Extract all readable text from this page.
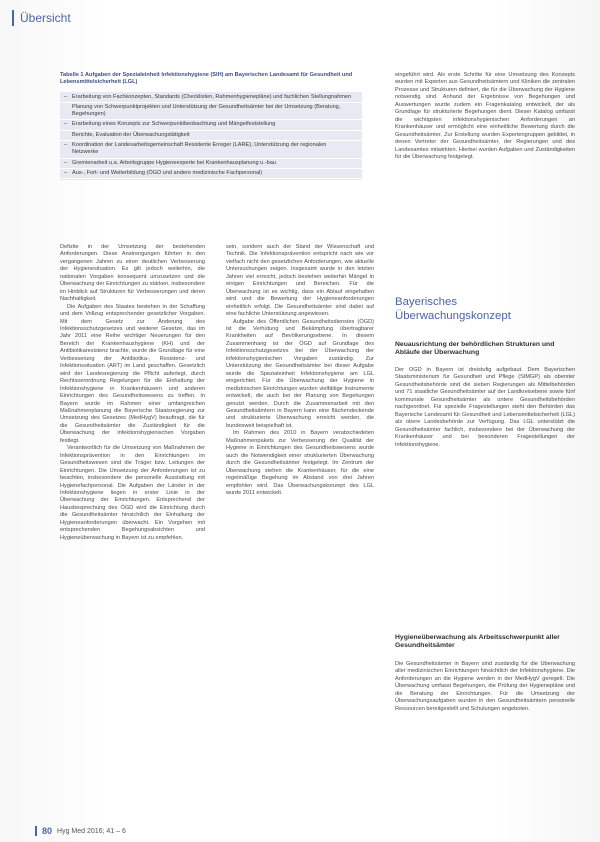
Übersicht
Tabelle 1 Aufgaben der Spezialeinheit Infektionshygiene (SIH) am Bayerischen Landesamt für Gesundheit und Lebensmittelsicherheit (LGL)
– Erarbeitung von Fachkonzepten, Standards (Checklisten, Rahmenhygienepläne) und fachlichen Stellungnahmen
Planung von Schwerpunktprojekten und Unterstützung der Gesundheitsämter bei der Umsetzung (Beratung, Begehungen)
– Erarbeitung eines Konzepts zur Schwerpunktbeobachtung und Mängelfeststellung
Berichte, Evaluation der Überwachungstätigkeit
– Koordination der Landesarbeitsgemeinschaft Resistente Erreger (LARE), Unterstützung der regionalen Netzwerke
– Gremienarbeit u.a. Arbeitsgruppe Hygieneexperte bei Krankenhausplanung u.-bau
– Aus-, Fort- und Weiterbildung (ÖGD und andere medizinische Fachpersonal)

Defizite in der Umsetzung der bestehenden Anforderungen. Diese Anstrengungen führten in den vergangenen Jahren zu einer deutlichen Verbesserung der Hygienesituation. Es gilt jedoch weiterhin, die nationalen Vorgaben konsequent umzusetzen und die Überwachung der Einrichtungen zu stärken, insbesondere im Hinblick auf Strukturen für Verbesserungen und deren Nachhaltigkeit.

Die Aufgaben des Staates bestehen in der Schaffung und dem Vollzug entsprechender gesetzlicher Vorgaben. Mit dem Gesetz zur Änderung des Infektionsschutzgesetzes und weiterer Gesetze, das im Jahr 2011 eine Reihe wichtiger Neuerungen für den Bereich der Krankenhaushygiene (KH) und der Antibiotikaresistenz brachte, wurde die Grundlage für eine Verbesserung der Antibiotika-, Resistenz- und Infektionssituation (ART) im Land geschaffen. Gesetzlich wird der Landesregierung die Pflicht auferlegt, durch Rechtsverordnung Regelungen für die Einhaltung der Infektionshygiene in Krankenhäusern und anderen Einrichtungen des Gesundheitswesens zu treffen. In Bayern wurde im Rahmen einer umfangreichen Maßnahmenplanung die Bayerische Staatsregierung zur Umsetzung des Gesetzes (MedHygV) beauftragt, die für die Gesundheitsämter die Zuständigkeit für die Überwachung der infektionshygienischen Vorgaben festlegt.

Verantwortlich für die Umsetzung von Maßnahmen der Infektionsprävention in den Einrichtungen im Gesundheitswesen sind die Träger bzw. Leitungen der Einrichtungen. Die Umsetzung der Anforderungen ist zu beachten, insbesondere die personelle Ausstattung mit Hygienefachpersonal. Die Aufgaben der Länder in der Infektionshygiene liegen in erster Linie in der Überwachung der Einrichtungen. Entsprechend der Hausbesprechung des ÖGD wird die Einrichtung durch die Gesundheitsämter hinsichtlich der Einhaltung der Hygieneanforderungen überwacht. Ein Vorgehen mit entsprechenden Begehungsabsichten und Hygieneüberwachung in Bayern ist zu empfehlen.

sein, sondern auch der Stand der Wissenschaft und Technik. Die Infektionsprävention entspricht nach wie vor vielfach nicht den gesetzlichen Anforderungen, wie aktuelle Untersuchungen zeigen. Insgesamt wurde in den letzten Jahren viel erreicht, jedoch bestehen weiterhin Mängel in einigen Einrichtungen und Bereichen. Für die Überwachung ist es wichtig, dass ein Ablauf eingehalten wird und die Bewertung der Hygieneanforderungen einheitlich erfolgt. Die Gesundheitsämter sind dabei auf eine fachliche Unterstützung angewiesen.

Aufgabe des Öffentlichen Gesundheitsdienstes (ÖGD) ist die Verhütung und Bekämpfung übertragbarer Krankheiten auf Bevölkerungsebene. In diesem Zusammenhang ist der ÖGD auf Grundlage des Infektionsschutzgesetzes bei der Überwachung der infektionshygienischen Vorgaben zuständig. Zur Unterstützung der Gesundheitsämter bei dieser Aufgabe wurde die Spezialeinheit Infektionshygiene am LGL eingerichtet. Für die Überwachung der Hygiene in medizinischen Einrichtungen wurden vielfältige Instrumente entwickelt, die auch bei der Planung von Begehungen genutzt werden. Durch die Zusammenarbeit mit den Gesundheitsämtern in Bayern kann eine flächendeckende und strukturierte Überwachung erreicht werden, die bundesweit beispielhaft ist.

Im Rahmen des 2010 in Bayern verabschiedeten Maßnahmenpakets zur Verbesserung der Qualität der Hygiene in Einrichtungen des Gesundheitswesens wurde auch die Notwendigkeit einer strukturierten Überwachung durch die Gesundheitsämter festgelegt. Im Zentrum der Überwachung stehen die Krankenhäuser, für die eine regelmäßige Begehung im Abstand von drei Jahren empfohlen wird. Das Überwachungskonzept des LGL wurde 2011 entwickelt.

eingeführt wird. Als erste Schritte für eine Umsetzung des Konzepts wurden mit Experten aus Gesundheitsämtern und Kliniken die zentralen Prozesse und Strukturen definiert, die für die Überwachung der Hygiene notwendig sind. Anhand der Ergebnisse von Begehungen und Auswertungen wurde zudem ein Fragenkatalog entwickelt, der als Grundlage für strukturierte Begehungen dient. Dieser Katalog umfasst die wichtigsten infektionshygienischen Anforderungen an Krankenhäuser und ermöglicht eine einheitliche Bewertung durch die Gesundheitsämter. Zur Erstellung wurden Expertengruppen gebildet, in denen Vertreter der Gesundheitsämter, der Regierungen und des Landesamtes mitwirkten. Hierbei wurden Aufgaben und Zuständigkeiten für die Überwachung festgelegt.

Bayerisches Überwachungskonzept
Neuausrichtung der behördlichen Strukturen und Abläufe der Überwachung

Der ÖGD in Bayern ist dreistufig aufgebaut. Dem Bayerischen Staatsministerium für Gesundheit und Pflege (StMGP) als oberster Gesundheitsbehörde sind die sieben Regierungen als Mittelbehörden und 71 staatliche Gesundheitsämter auf der Landkreisebene sowie fünf kommunale Gesundheitsämter als untere Gesundheitsbehörden nachgeordnet. Für spezielle Fragestellungen steht den Behörden das Bayerische Landesamt für Gesundheit und Lebensmittelsicherheit (LGL) als obere Landesbehörde zur Verfügung. Das LGL unterstützt die Gesundheitsämter fachlich, insbesondere bei der Überwachung der Krankenhäuser und bei besonderen Fragestellungen der Infektionshygiene.

Hygieneüberwachung als Arbeitsschwerpunkt aller Gesundheitsämter

Die Gesundheitsämter in Bayern sind zuständig für die Überwachung aller medizinischen Einrichtungen hinsichtlich der Infektionshygiene. Die Anforderungen an die Hygiene werden in der MedHygV geregelt. Die Überwachung umfasst Begehungen, die Prüfung der Hygienepläne und die Beratung der Einrichtungen. Für die Umsetzung der Überwachungsaufgaben wurden in den Gesundheitsämtern personelle Ressourcen bereitgestellt und Schulungen angeboten.

80 Hyg Med 2016; 41 – 6
